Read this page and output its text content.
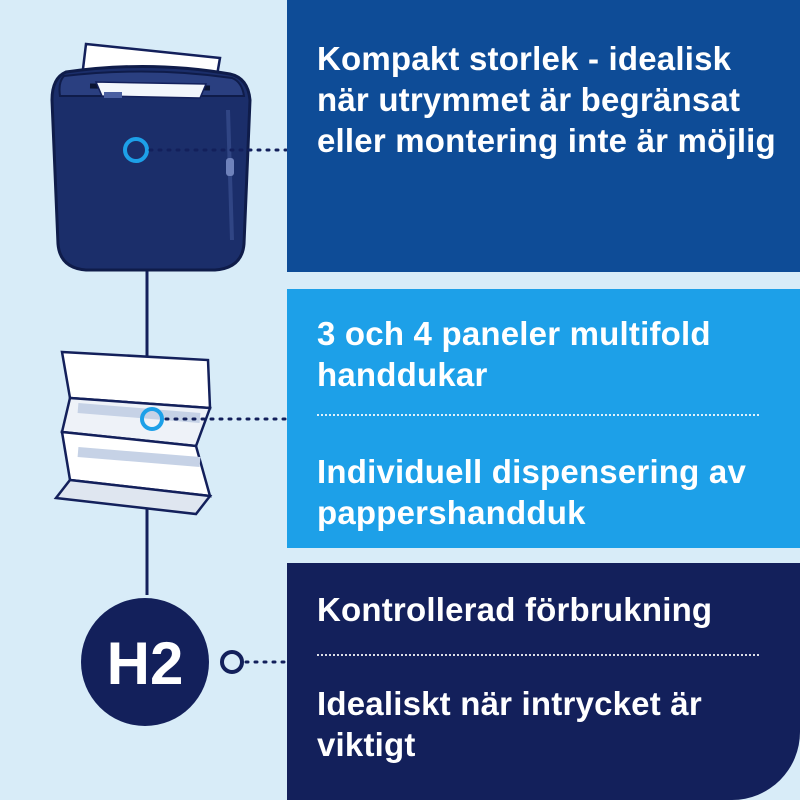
H2
Kompakt storlek - idealisk när utrymmet är begränsat eller montering inte är möjlig
3 och 4 paneler multifold handdukar
Individuell dispensering av pappershandduk
Kontrollerad förbrukning
Idealiskt när intrycket är viktigt
